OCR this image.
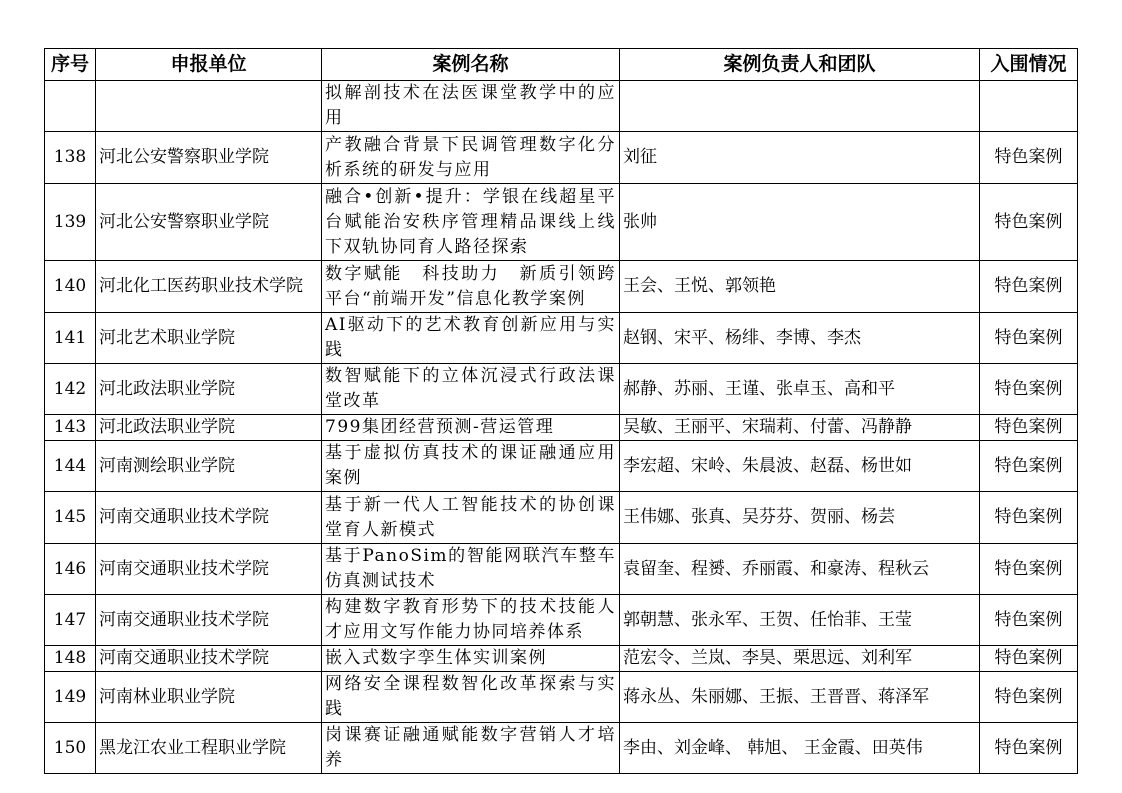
序号	申报单位	案例名称	案例负责人和团队	入围情况
		拟解剖技术在法医课堂教学中的应用		
138	河北公安警察职业学院	产教融合背景下民调管理数字化分析系统的研发与应用	刘征	特色案例
139	河北公安警察职业学院	融合•创新•提升：学银在线超星平台赋能治安秩序管理精品课线上线下双轨协同育人路径探索	张帅	特色案例
140	河北化工医药职业技术学院	数字赋能　科技助力　新质引领跨平台“前端开发”信息化教学案例	王会、王悦、郭领艳	特色案例
141	河北艺术职业学院	AI驱动下的艺术教育创新应用与实践	赵钢、宋平、杨绯、李博、李杰	特色案例
142	河北政法职业学院	数智赋能下的立体沉浸式行政法课堂改革	郝静、苏丽、王谨、张卓玉、高和平	特色案例
143	河北政法职业学院	799集团经营预测-营运管理	吴敏、王丽平、宋瑞莉、付蕾、冯静静	特色案例
144	河南测绘职业学院	基于虚拟仿真技术的课证融通应用案例	李宏超、宋岭、朱晨波、赵磊、杨世如	特色案例
145	河南交通职业技术学院	基于新一代人工智能技术的协创课堂育人新模式	王伟娜、张真、吴芬芬、贺丽、杨芸	特色案例
146	河南交通职业技术学院	基于PanoSim的智能网联汽车整车仿真测试技术	袁留奎、程赟、乔丽霞、和豪涛、程秋云	特色案例
147	河南交通职业技术学院	构建数字教育形势下的技术技能人才应用文写作能力协同培养体系	郭朝慧、张永军、王贺、任怡菲、王莹	特色案例
148	河南交通职业技术学院	嵌入式数字孪生体实训案例	范宏令、兰岚、李昊、栗思远、刘利军	特色案例
149	河南林业职业学院	网络安全课程数智化改革探索与实践	蒋永丛、朱丽娜、王振、王晋晋、蒋泽军	特色案例
150	黑龙江农业工程职业学院	岗课赛证融通赋能数字营销人才培养	李由、刘金峰、 韩旭、 王金霞、田英伟	特色案例
